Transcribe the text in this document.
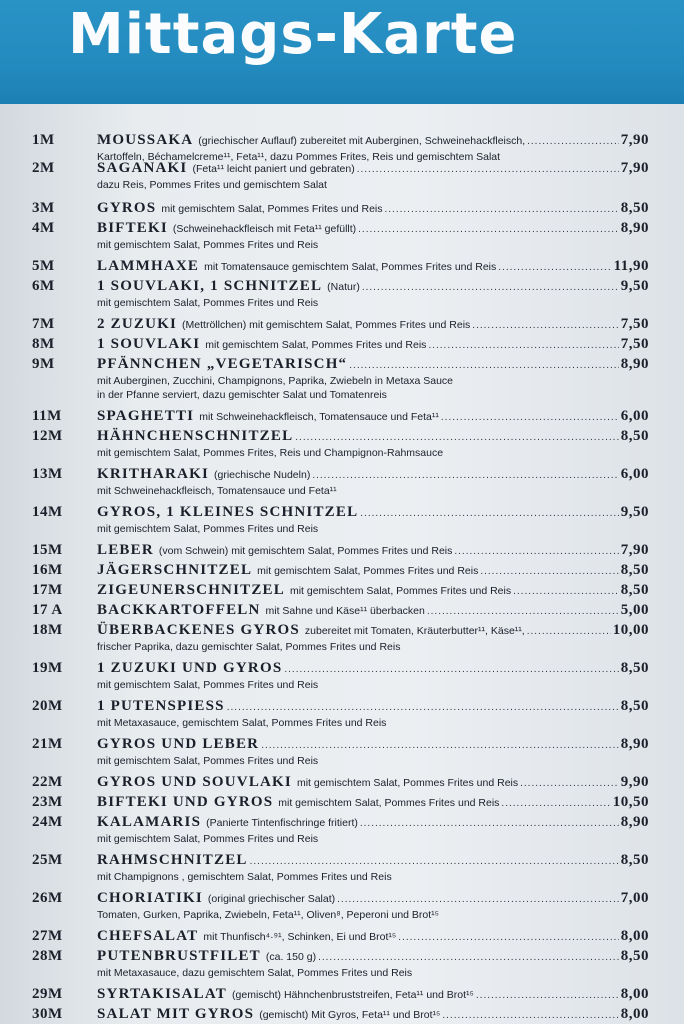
Mittags-Karte
1M	MOUSSAKA (griechischer Auflauf) zubereitet mit Auberginen, Schweinehackfleisch, .....	7,90
Kartoffeln, Béchamelcreme¹¹, Feta¹¹, dazu Pommes Frites, Reis und gemischtem Salat
2M	SAGANAKI (Feta¹¹ leicht paniert und gebraten) .....	7,90
dazu Reis, Pommes Frites und gemischtem Salat
3M	GYROS mit gemischtem Salat, Pommes Frites und Reis .....	8,50
4M	BIFTEKI (Schweinehackfleisch mit Feta¹¹ gefüllt) .....	8,90
mit gemischtem Salat, Pommes Frites und Reis
5M	LAMMHAXE mit Tomatensauce gemischtem Salat, Pommes Frites und Reis .....	11,90
6M	1 SOUVLAKI, 1 SCHNITZEL (Natur) .....	9,50
mit gemischtem Salat, Pommes Frites und Reis
7M	2 ZUZUKI (Mettröllchen) mit gemischtem Salat, Pommes Frites und Reis .....	7,50
8M	1 SOUVLAKI mit gemischtem Salat, Pommes Frites und Reis .....	7,50
9M	PFÄNNCHEN „VEGETARISCH“ .....	8,90
mit Auberginen, Zucchini, Champignons, Paprika, Zwiebeln in Metaxa Sauce
in der Pfanne serviert, dazu gemischter Salat und Tomatenreis
11M	SPAGHETTI mit Schweinehackfleisch, Tomatensauce und Feta¹¹ .....	6,00
12M	HÄHNCHENSCHNITZEL .....	8,50
mit gemischtem Salat, Pommes Frites, Reis und Champignon-Rahmsauce
13M	KRITHARAKI (griechische Nudeln) .....	6,00
mit Schweinehackfleisch, Tomatensauce und Feta¹¹
14M	GYROS, 1 KLEINES SCHNITZEL .....	9,50
mit gemischtem Salat, Pommes Frites und Reis
15M	LEBER (vom Schwein) mit gemischtem Salat, Pommes Frites und Reis .....	7,90
16M	JÄGERSCHNITZEL mit gemischtem Salat, Pommes Frites und Reis .....	8,50
17M	ZIGEUNERSCHNITZEL mit gemischtem Salat, Pommes Frites und Reis .....	8,50
17 A	BACKKARTOFFELN mit Sahne und Käse¹¹ überbacken .....	5,00
18M	ÜBERBACKENES GYROS zubereitet mit Tomaten, Kräuterbutter¹¹, Käse¹¹, .....	10,00
frischer Paprika, dazu gemischter Salat, Pommes Frites und Reis
19M	1 ZUZUKI UND GYROS .....	8,50
mit gemischtem Salat, Pommes Frites und Reis
20M	1 PUTENSPIESS .....	8,50
mit Metaxasauce, gemischtem Salat, Pommes Frites und Reis
21M	GYROS UND LEBER .....	8,90
mit gemischtem Salat, Pommes Frites und Reis
22M	GYROS UND SOUVLAKI mit gemischtem Salat, Pommes Frites und Reis .....	9,90
23M	BIFTEKI UND GYROS mit gemischtem Salat, Pommes Frites und Reis .....	10,50
24M	KALAMARIS (Panierte Tintenfischringe fritiert) .....	8,90
mit gemischtem Salat, Pommes Frites und Reis
25M	RAHMSCHNITZEL .....	8,50
mit Champignons , gemischtem Salat, Pommes Frites und Reis
26M	CHORIATIKI (original griechischer Salat) .....	7,00
Tomaten, Gurken, Paprika, Zwiebeln, Feta¹¹, Oliven⁸, Peperoni und Brot¹⁵
27M	CHEFSALAT mit Thunfisch⁴·⁹¹, Schinken, Ei und Brot¹⁵ .....	8,00
28M	PUTENBRUSTFILET (ca. 150 g) .....	8,50
mit Metaxasauce, dazu gemischtem Salat, Pommes Frites und Reis
29M	SYRTAKISALAT (gemischt) Hähnchenbruststreifen, Feta¹¹ und Brot¹⁵ .....	8,00
30M	SALAT MIT GYROS (gemischt) Mit Gyros, Feta¹¹ und Brot¹⁵ .....	8,00
